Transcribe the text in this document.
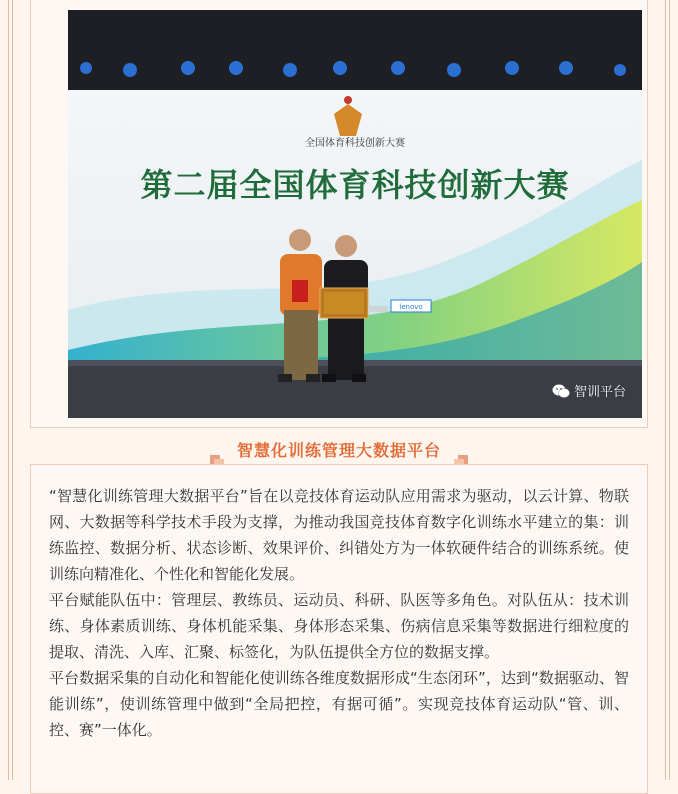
lenovo
全国体育科技创新大赛
第二届全国体育科技创新大赛
智训平台
智慧化训练管理大数据平台

“智慧化训练管理大数据平台”旨在以竞技体育运动队应用需求为驱动，以云计算、物联网、大数据等科学技术手段为支撑，为推动我国竞技体育数字化训练水平建立的集：训练监控、数据分析、状态诊断、效果评价、纠错处方为一体软硬件结合的训练系统。使训练向精准化、个性化和智能化发展。

平台赋能队伍中：管理层、教练员、运动员、科研、队医等多角色。对队伍从：技术训练、身体素质训练、身体机能采集、身体形态采集、伤病信息采集等数据进行细粒度的提取、清洗、入库、汇聚、标签化，为队伍提供全方位的数据支撑。

平台数据采集的自动化和智能化使训练各维度数据形成“生态闭环”，达到“数据驱动、智能训练”，使训练管理中做到“全局把控，有据可循”。实现竞技体育运动队“管、训、控、赛”一体化。
